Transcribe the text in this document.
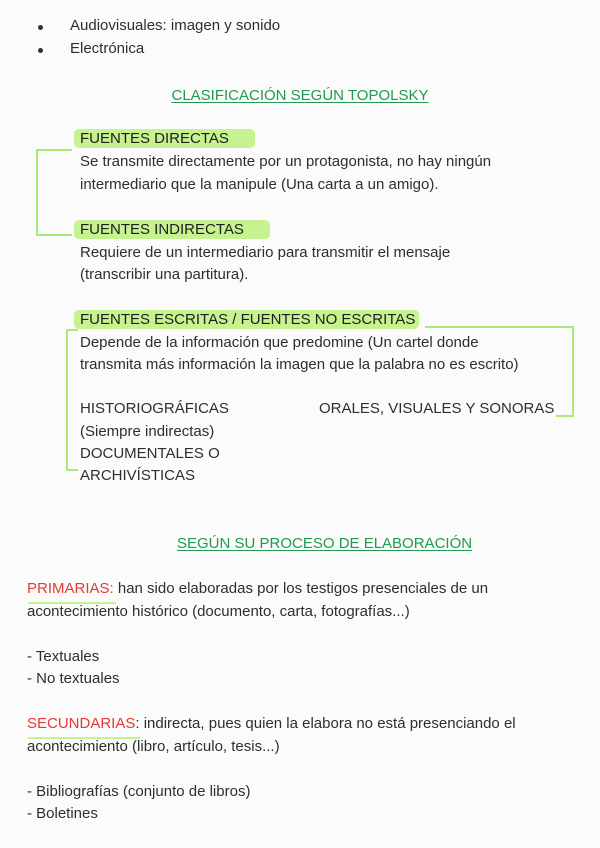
Audiovisuales: imagen y sonido
Electrónica
CLASIFICACIÓN SEGÚN TOPOLSKY
FUENTES DIRECTAS
Se transmite directamente por un protagonista, no hay ningún
intermediario que la manipule (Una carta a un amigo).
FUENTES INDIRECTAS
Requiere de un intermediario para transmitir el mensaje
(transcribir una partitura).
FUENTES ESCRITAS / FUENTES NO ESCRITAS
Depende de la información que predomine (Un cartel donde
transmita más información la imagen que la palabra no es escrito)
HISTORIOGRÁFICAS
(Siempre indirectas)
DOCUMENTALES O
ARCHIVÍSTICAS
ORALES, VISUALES Y SONORAS
SEGÚN SU PROCESO DE ELABORACIÓN
PRIMARIAS: han sido elaboradas por los testigos presenciales de un
acontecimiento histórico (documento, carta, fotografías...)
- Textuales
- No textuales
SECUNDARIAS: indirecta, pues quien la elabora no está presenciando el
acontecimiento (libro, artículo, tesis...)
- Bibliografías (conjunto de libros)
- Boletines
